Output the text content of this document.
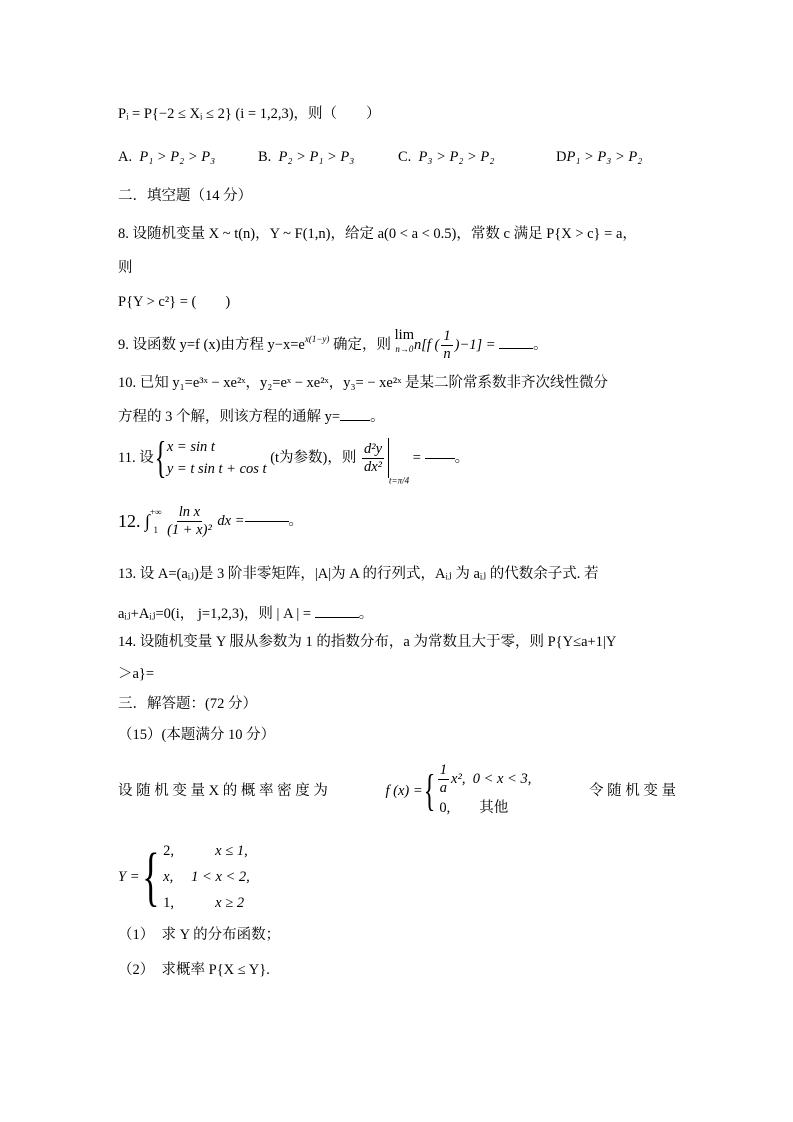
Pᵢ = P{−2 ≤ Xᵢ ≤ 2} (i = 1,2,3)，则（　　）
A. P₁ > P₂ > P₃	B. P₂ > P₁ > P₃	C. P₃ > P₂ > P₂	DP₁ > P₃ > P₂
二．填空题（14 分）
8. 设随机变量 X ~ t(n)，Y ~ F(1,n)，给定 a(0 < a < 0.5)，常数 c 满足 P{X > c} = a，
则
P{Y > c²} = (　　)
9. 设函数 y=f (x)由方程 $y-x=e^{x(1-y)}$ 确定，则
lim
n→0 n[f ( $\frac{1}{n} )-1$] =	。
10. 已知 y₁=e³ˣ − xe²ˣ，y₂=eˣ − xe²ˣ，y₃= − xe²ˣ 是某二阶常系数非齐次线性微分
方程的 3 个解，则该方程的通解 y= 。
11. 设{ x = sin t
y = t sin t + cos t
(t为参数)，则 $\frac{\text{d²y}}{\text{dx²}}$
$_{t=\pi/4}$ = 。
12. ∫ +∞
1
$\frac{\text{ln x}}{\text{(1 + x)²}}$ dx =	。
13. 设 A=(aᵢⱼ)是 3 阶非零矩阵，|A|为 A 的行列式，Aᵢⱼ 为 aᵢⱼ 的代数余子式. 若
aᵢⱼ+Aᵢⱼ=0(i， j=1,2,3)，则 | A | =	。
14. 设随机变量 Y 服从参数为 1 的指数分布，a 为常数且大于零，则 P{Y≤a+1|Y
＞a}=
三．解答题：(72 分）
（15）(本题满分 10 分）
设 随 机 变 量 X 的 概 率 密 度 为	f (x) = { $\frac{1}{a} x^2$, 0 < x < 3,
0, 其他
令 随 机 变 量
Y = { 2,	x ≤ 1,
x, 1 < x < 2,
1,	x ≥ 2
（1）　求 Y 的分布函数；
（2）　求概率 P{X ≤ Y}.
